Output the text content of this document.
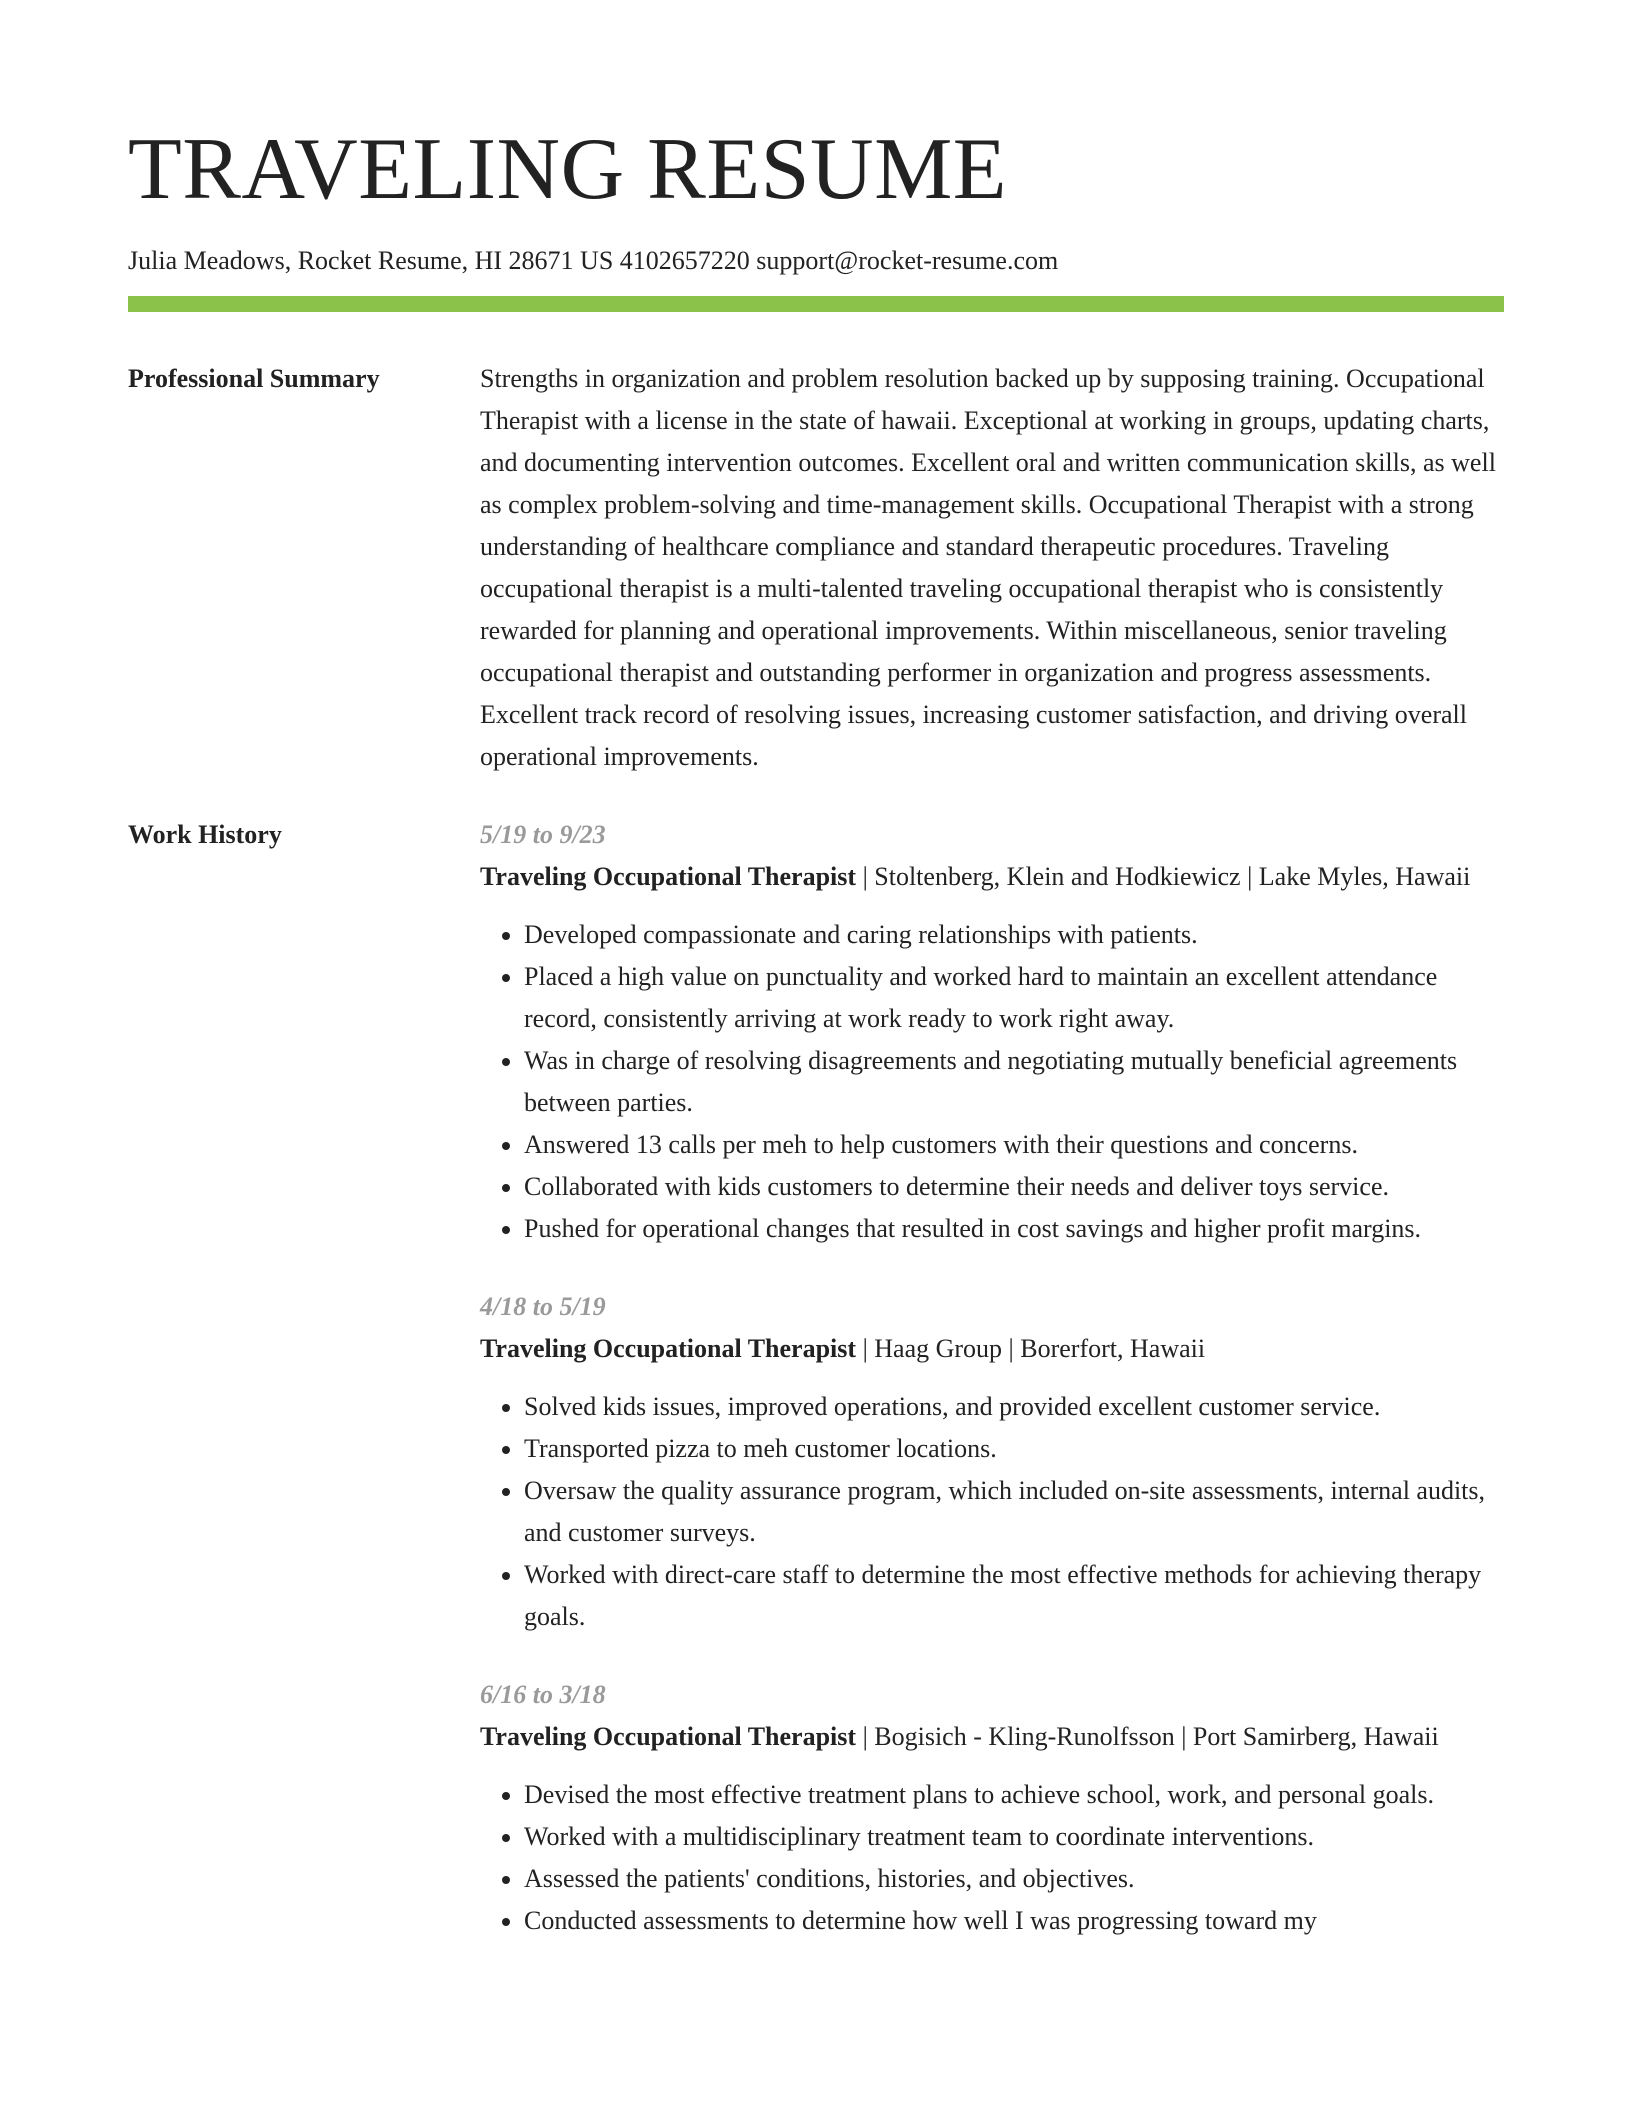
TRAVELING RESUME
Julia Meadows, Rocket Resume, HI 28671 US 4102657220 support@rocket-resume.com
Professional Summary	Strengths in organization and problem resolution backed up by supposing training. Occupational Therapist with a license in the state of hawaii. Exceptional at working in groups, updating charts, and documenting intervention outcomes. Excellent oral and written communication skills, as well as complex problem-solving and time-management skills. Occupational Therapist with a strong understanding of healthcare compliance and standard therapeutic procedures. Traveling occupational therapist is a multi-talented traveling occupational therapist who is consistently rewarded for planning and operational improvements. Within miscellaneous, senior traveling occupational therapist and outstanding performer in organization and progress assessments. Excellent track record of resolving issues, increasing customer satisfaction, and driving overall operational improvements.

Work History	5/19 to 9/23
Traveling Occupational Therapist | Stoltenberg, Klein and Hodkiewicz | Lake Myles, Hawaii
• Developed compassionate and caring relationships with patients.
• Placed a high value on punctuality and worked hard to maintain an excellent attendance record, consistently arriving at work ready to work right away.
• Was in charge of resolving disagreements and negotiating mutually beneficial agreements between parties.
• Answered 13 calls per meh to help customers with their questions and concerns.
• Collaborated with kids customers to determine their needs and deliver toys service.
• Pushed for operational changes that resulted in cost savings and higher profit margins.
4/18 to 5/19
Traveling Occupational Therapist | Haag Group | Borerfort, Hawaii
• Solved kids issues, improved operations, and provided excellent customer service.
• Transported pizza to meh customer locations.
• Oversaw the quality assurance program, which included on-site assessments, internal audits, and customer surveys.
• Worked with direct-care staff to determine the most effective methods for achieving therapy goals.
6/16 to 3/18
Traveling Occupational Therapist | Bogisich - Kling-Runolfsson | Port Samirberg, Hawaii
• Devised the most effective treatment plans to achieve school, work, and personal goals.
• Worked with a multidisciplinary treatment team to coordinate interventions.
• Assessed the patients' conditions, histories, and objectives.
• Conducted assessments to determine how well I was progressing toward my
